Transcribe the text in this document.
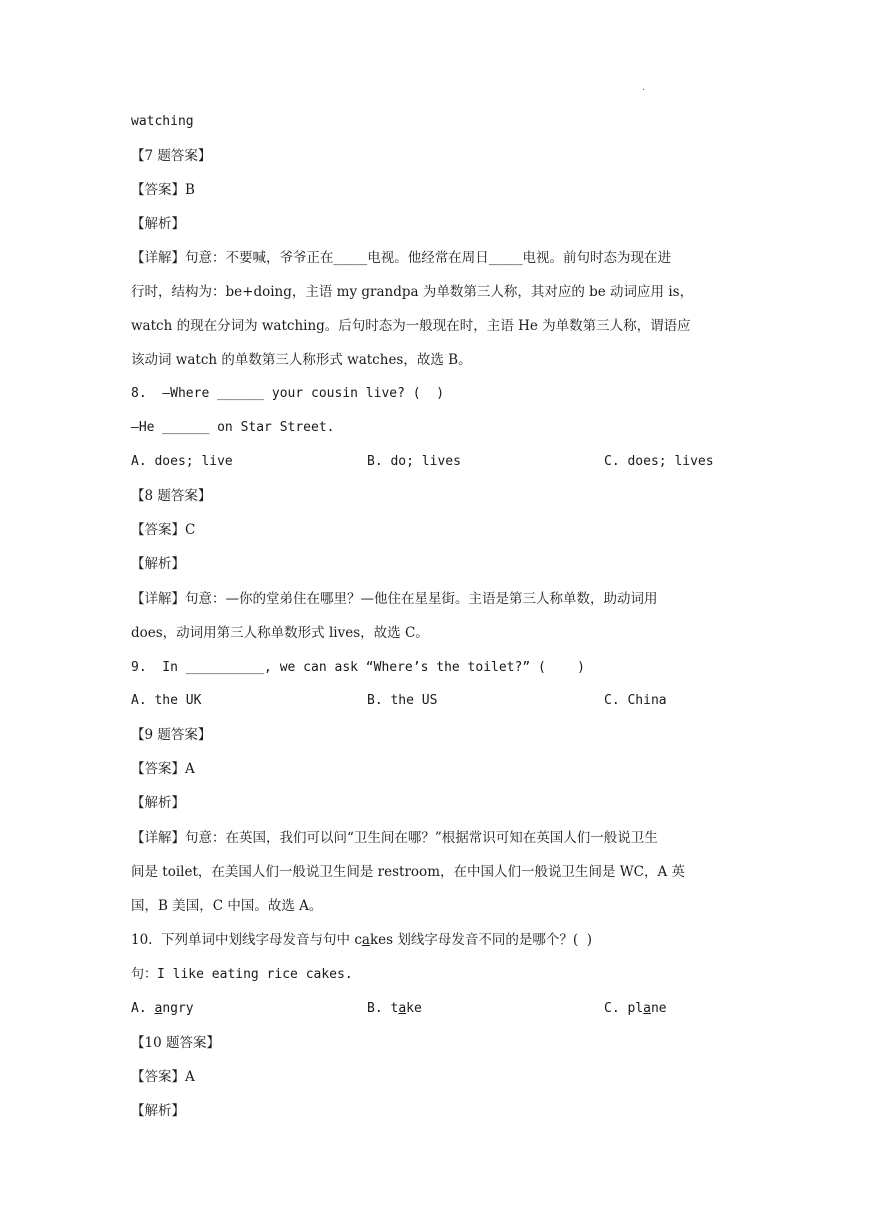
.
watching
【7 题答案】
【答案】B
【解析】
【详解】句意：不要喊，爷爷正在_____电视。他经常在周日_____电视。前句时态为现在进
行时，结构为：be+doing，主语 my grandpa 为单数第三人称，其对应的 be 动词应用 is，
watch 的现在分词为 watching。后句时态为一般现在时，主语 He 为单数第三人称，谓语应
该动词 watch 的单数第三人称形式 watches，故选 B。
8.  —Where ______ your cousin live? (  )
—He ______ on Star Street.
A. does; live	B. do; lives	C. does; lives
【8 题答案】
【答案】C
【解析】
【详解】句意：—你的堂弟住在哪里？—他住在星星街。主语是第三人称单数，助动词用
does，动词用第三人称单数形式 lives，故选 C。
9.  In __________, we can ask “Where’s the toilet?” (    )
A. the UK	B. the US	C. China
【9 题答案】
【答案】A
【解析】
【详解】句意：在英国，我们可以问“卫生间在哪？”根据常识可知在英国人们一般说卫生
间是 toilet，在美国人们一般说卫生间是 restroom，在中国人们一般说卫生间是 WC，A 英
国，B 美国，C 中国。故选 A。
10.  下列单词中划线字母发音与句中 cakes 划线字母发音不同的是哪个？(  )
句：I like eating rice cakes.
A. angry	B. take	C. plane
【10 题答案】
【答案】A
【解析】
